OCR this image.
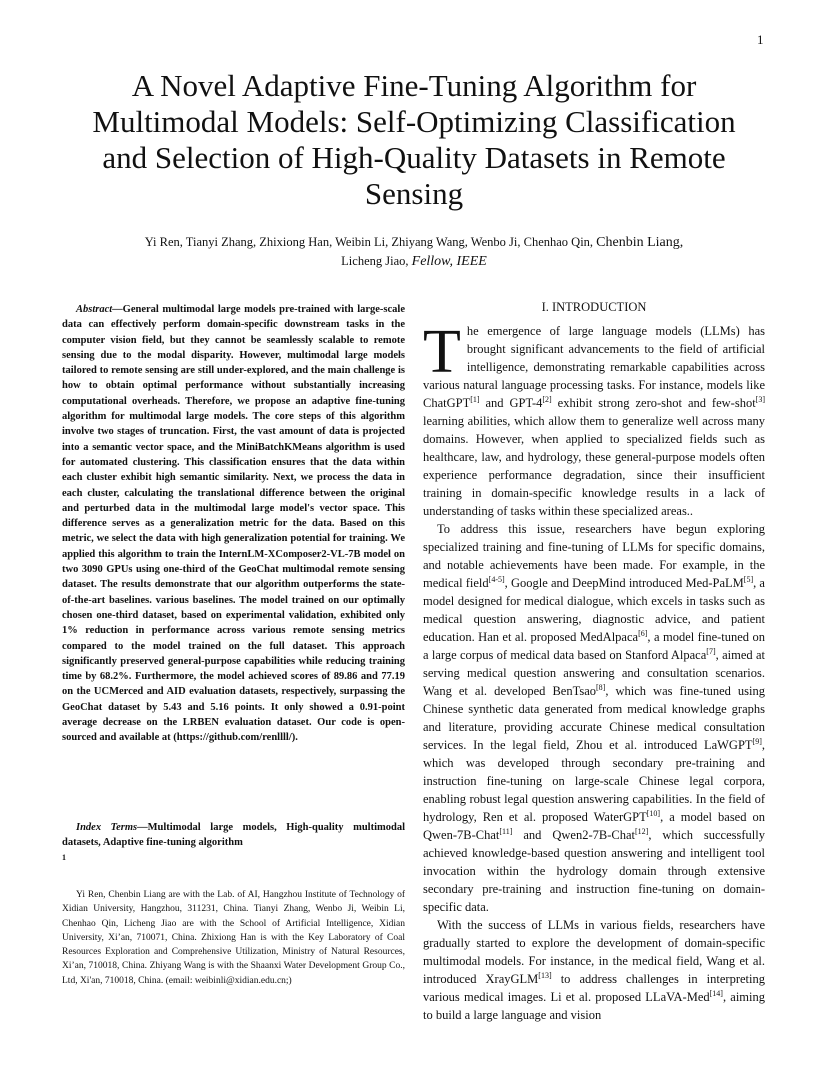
1
A Novel Adaptive Fine-Tuning Algorithm for
Multimodal Models: Self-Optimizing Classification
and Selection of High-Quality Datasets in Remote
Sensing
Yi Ren, Tianyi Zhang, Zhixiong Han, Weibin Li, Zhiyang Wang, Wenbo Ji, Chenhao Qin, Chenbin Liang,
Licheng Jiao, Fellow, IEEE

Abstract—General multimodal large models pre-trained with large-scale data can effectively perform domain-specific downstream tasks in the computer vision field, but they cannot be seamlessly scalable to remote sensing due to the modal disparity. However, multimodal large models tailored to remote sensing are still under-explored, and the main challenge is how to obtain optimal performance without substantially increasing computational overheads. Therefore, we propose an adaptive fine-tuning algorithm for multimodal large models. The core steps of this algorithm involve two stages of truncation. First, the vast amount of data is projected into a semantic vector space, and the MiniBatchKMeans algorithm is used for automated clustering. This classification ensures that the data within each cluster exhibit high semantic similarity. Next, we process the data in each cluster, calculating the translational difference between the original and perturbed data in the multimodal large model's vector space. This difference serves as a generalization metric for the data. Based on this metric, we select the data with high generalization potential for training. We applied this algorithm to train the InternLM-XComposer2-VL-7B model on two 3090 GPUs using one-third of the GeoChat multimodal remote sensing dataset. The results demonstrate that our algorithm outperforms the state-of-the-art baselines. various baselines. The model trained on our optimally chosen one-third dataset, based on experimental validation, exhibited only 1% reduction in performance across various remote sensing metrics compared to the model trained on the full dataset. This approach significantly preserved general-purpose capabilities while reducing training time by 68.2%. Furthermore, the model achieved scores of 89.86 and 77.19 on the UCMerced and AID evaluation datasets, respectively, surpassing the GeoChat dataset by 5.43 and 5.16 points. It only showed a 0.91-point average decrease on the LRBEN evaluation dataset. Our code is open-sourced and available at (https://github.com/renllll/).

Index Terms—Multimodal large models, High-quality multimodal datasets, Adaptive fine-tuning algorithm
1

Yi Ren, Chenbin Liang are with the Lab. of AI, Hangzhou Institute of Technology of Xidian University, Hangzhou, 311231, China. Tianyi Zhang, Wenbo Ji, Weibin Li, Chenhao Qin, Licheng Jiao are with the School of Artificial Intelligence, Xidian University, Xi’an, 710071, China. Zhixiong Han is with the Key Laboratory of Coal Resources Exploration and Comprehensive Utilization, Ministry of Natural Resources, Xi’an, 710018, China. Zhiyang Wang is with the Shaanxi Water Development Group Co., Ltd, Xi'an, 710018, China. (email: weibinli@xidian.edu.cn;)

I. INTRODUCTION

The emergence of large language models (LLMs) has brought significant advancements to the field of artificial intelligence, demonstrating remarkable capabilities across various natural language processing tasks. For instance, models like ChatGPT[1] and GPT-4[2] exhibit strong zero-shot and few-shot[3] learning abilities, which allow them to generalize well across many domains. However, when applied to specialized fields such as healthcare, law, and hydrology, these general-purpose models often experience performance degradation, since their insufficient training in domain-specific knowledge results in a lack of understanding of tasks within these specialized areas..

To address this issue, researchers have begun exploring specialized training and fine-tuning of LLMs for specific domains, and notable achievements have been made. For example, in the medical field[4-5], Google and DeepMind introduced Med-PaLM[5], a model designed for medical dialogue, which excels in tasks such as medical question answering, diagnostic advice, and patient education. Han et al. proposed MedAlpaca[6], a model fine-tuned on a large corpus of medical data based on Stanford Alpaca[7], aimed at serving medical question answering and consultation scenarios. Wang et al. developed BenTsao[8], which was fine-tuned using Chinese synthetic data generated from medical knowledge graphs and literature, providing accurate Chinese medical consultation services. In the legal field, Zhou et al. introduced LaWGPT[9], which was developed through secondary pre-training and instruction fine-tuning on large-scale Chinese legal corpora, enabling robust legal question answering capabilities. In the field of hydrology, Ren et al. proposed WaterGPT[10], a model based on Qwen-7B-Chat[11] and Qwen2-7B-Chat[12], which successfully achieved knowledge-based question answering and intelligent tool invocation within the hydrology domain through extensive secondary pre-training and instruction fine-tuning on domain-specific data.

With the success of LLMs in various fields, researchers have gradually started to explore the development of domain-specific multimodal models. For instance, in the medical field, Wang et al. introduced XrayGLM[13] to address challenges in interpreting various medical images. Li et al. proposed LLaVA-Med[14], aiming to build a large language and vision
